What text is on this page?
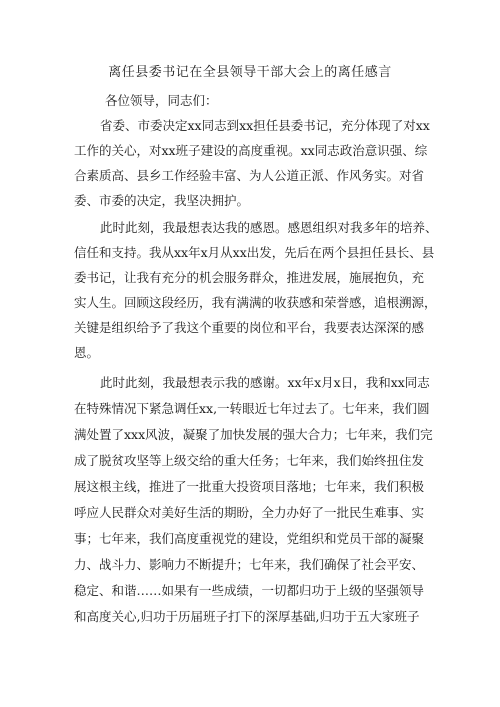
离任县委书记在全县领导干部大会上的离任感言
各位领导，同志们：
省委、市委决定xx同志到xx担任县委书记，充分体现了对xx
工作的关心，对xx班子建设的高度重视。xx同志政治意识强、综
合素质高、县乡工作经验丰富、为人公道正派、作风务实。对省
委、市委的决定，我坚决拥护。
此时此刻，我最想表达我的感恩。感恩组织对我多年的培养、
信任和支持。我从xx年x月从xx出发，先后在两个县担任县长、县
委书记，让我有充分的机会服务群众，推进发展，施展抱负，充
实人生。回顾这段经历，我有满满的收获感和荣誉感，追根溯源，
关键是组织给予了我这个重要的岗位和平台，我要表达深深的感
恩。
此时此刻，我最想表示我的感谢。xx年x月x日，我和xx同志
在特殊情况下紧急调任xx,一转眼近七年过去了。七年来，我们圆
满处置了xxx风波，凝聚了加快发展的强大合力；七年来，我们完
成了脱贫攻坚等上级交给的重大任务；七年来，我们始终扭住发
展这根主线，推进了一批重大投资项目落地；七年来，我们积极
呼应人民群众对美好生活的期盼，全力办好了一批民生难事、实
事；七年来，我们高度重视党的建设，党组织和党员干部的凝聚
力、战斗力、影响力不断提升；七年来，我们确保了社会平安、
稳定、和谐……如果有一些成绩，一切都归功于上级的坚强领导
和高度关心,归功于历届班子打下的深厚基础,归功于五大家班子
